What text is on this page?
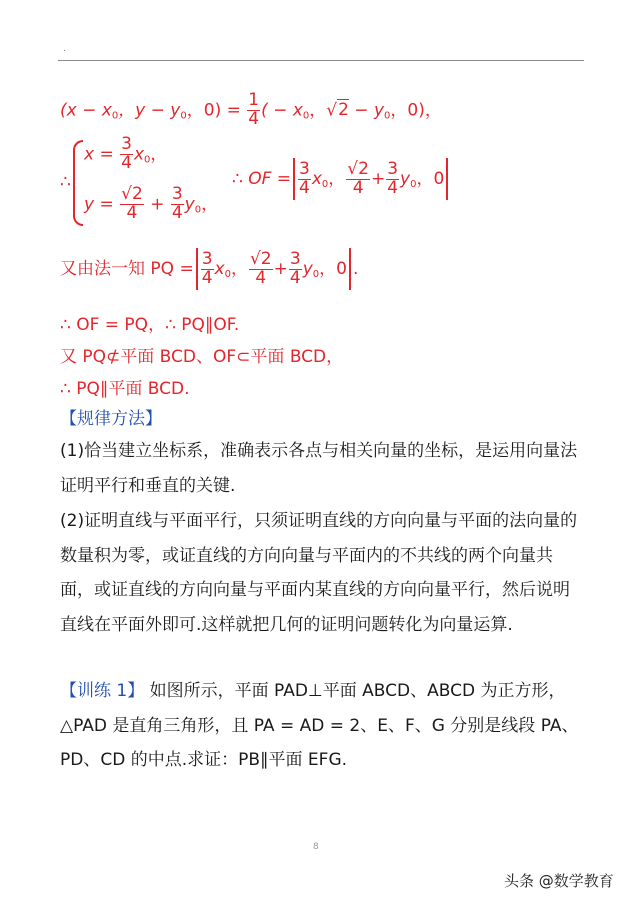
.
($x - x_0$，$y - y_0$，$0) = \frac{1}{4}$ ( − $x_0$，$√2 - y_0$，0)，
∴
$x = \frac{3}{4} x_0$，
$y = \frac{√2}{4} + \frac{3}{4} y_0$，
∴ OF = $\frac{3}{4} x_0$， $\frac{√2}{4} + \frac{3}{4} y_0$，0
又由法一知 PQ = $\frac{3}{4} x_0$， $\frac{√2}{4} + \frac{3}{4} y_0$，0 .
∴ OF = PQ，∴ PQ∥OF.
又 PQ⊄平面 BCD、OF⊂平面 BCD，
∴ PQ∥平面 BCD.
【规律方法】
(1)恰当建立坐标系，准确表示各点与相关向量的坐标，是运用向量法证明平行和垂直的关键.
(2)证明直线与平面平行，只须证明直线的方向向量与平面的法向量的数量积为零，或证直线的方向向量与平面内的不共线的两个向量共面，或证直线的方向向量与平面内某直线的方向向量平行，然后说明直线在平面外即可.这样就把几何的证明问题转化为向量运算.
【训练 1】 如图所示，平面 PAD⊥平面 ABCD、ABCD 为正方形，△PAD 是直角三角形，且 PA = AD = 2、E、F、G 分别是线段 PA、PD、CD 的中点.求证：PB∥平面 EFG.
8
头条 @数学教育
